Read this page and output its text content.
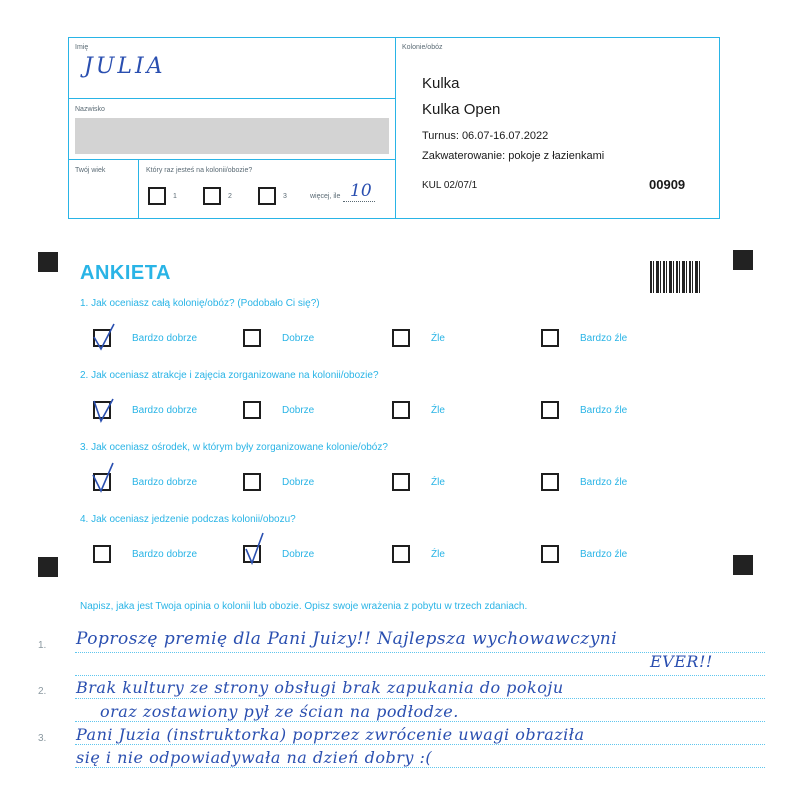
Imię
JULIA
Nazwisko
Twój wiek	Który raz jesteś na kolonii/obozie?
1	2	3	więcej, ile 10
Kolonie/obóz
Kulka
Kulka Open
Turnus: 06.07-16.07.2022
Zakwaterowanie: pokoje z łazienkami
KUL 02/07/1	00909
ANKIETA
1. Jak oceniasz całą kolonię/obóz? (Podobało Ci się?)
Bardzo dobrze	Dobrze	Źle	Bardzo źle
2. Jak oceniasz atrakcje i zajęcia zorganizowane na kolonii/obozie?
Bardzo dobrze	Dobrze	Źle	Bardzo źle
3. Jak oceniasz ośrodek, w którym były zorganizowane kolonie/obóz?
Bardzo dobrze	Dobrze	Źle	Bardzo źle
4. Jak oceniasz jedzenie podczas kolonii/obozu?
Bardzo dobrze	Dobrze	Źle	Bardzo źle
Napisz, jaka jest Twoja opinia o kolonii lub obozie. Opisz swoje wrażenia z pobytu w trzech zdaniach.
1.
2.
3.
Poproszę premię dla Pani Juizy!! Najlepsza wychowawczyni
EVER!!
Brak kultury ze strony obsługi brak zapukania do pokoju
oraz zostawiony pył ze ścian na podłodze.
Pani Juzia (instruktorka) poprzez zwrócenie uwagi obraziła
się i nie odpowiadywała na dzień dobry :(
